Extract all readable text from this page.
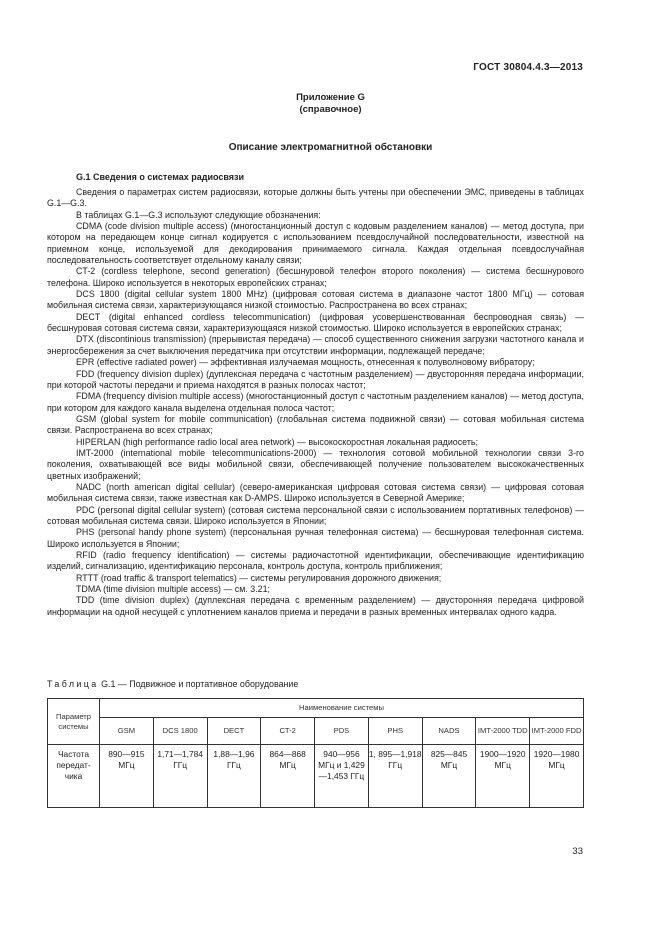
ГОСТ 30804.4.3—2013
Приложение G
(справочное)
Описание электромагнитной обстановки
G.1 Сведения о системах радиосвязи

Сведения о параметрах систем радиосвязи, которые должны быть учтены при обеспечении ЭМС, приведены в таблицах G.1—G.3.

В таблицах G.1—G.3 используют следующие обозначения:

CDMA (code division multiple access) (многостанционный доступ с кодовым разделением каналов) — метод доступа, при котором на передающем конце сигнал кодируется с использованием псевдослучайной последовательности, известной на приемном конце, используемой для декодирования принимаемого сигнала. Каждая отдельная псевдослучайная последовательность соответствует отдельному каналу связи;

CT-2 (cordless telephone, second generation) (бесшнуровой телефон второго поколения) — система бесшнурового телефона. Широко используется в некоторых европейских странах;

DCS 1800 (digital cellular system 1800 MHz) (цифровая сотовая система в диапазоне частот 1800 МГц) — сотовая мобильная система связи, характеризующаяся низкой стоимостью. Распространена во всех странах;

DECT (digital enhanced cordless telecommunication) (цифровая усовершенствованная беспроводная связь) — бесшнуровая сотовая система связи, характеризующаяся низкой стоимостью. Широко используется в европейских странах;

DTX (discontinious transmission) (прерывистая передача) — способ существенного снижения загрузки частотного канала и энергосбережения за счет выключения передатчика при отсутствии информации, подлежащей передаче;

EPR (effective radiated power) — эффективная излучаемая мощность, отнесенная к полуволновому вибратору;

FDD (frequency division duplex) (дуплексная передача с частотным разделением) — двусторонняя передача информации, при которой частоты передачи и приема находятся в разных полосах частот;

FDMA (frequency division multiple access) (многостанционный доступ с частотным разделением каналов) — метод доступа, при котором для каждого канала выделена отдельная полоса частот;

GSM (global system for mobile communication) (глобальная система подвижной связи) — сотовая мобильная система связи. Распространена во всех странах;

HIPERLAN (high performance radio local area network) — высокоскоростная локальная радиосеть;

IMT-2000 (international mobile telecommunications-2000) — технология сотовой мобильной технологии связи 3-го поколения, охватывающей все виды мобильной связи, обеспечивающей получение пользователем высококачественных цветных изображений;

NADC (north american digital cellular) (северо-американская цифровая сотовая система связи) — цифровая сотовая мобильная система связи, также известная как D-AMPS. Широко используется в Северной Америке;

PDC (personal digital cellular system) (сотовая система персональной связи с использованием портативных телефонов) — сотовая мобильная система связи. Широко используется в Японии;

PHS (personal handy phone system) (персональная ручная телефонная система) — бесшнуровая телефонная система. Широко используется в Японии;

RFID (radio frequency identification) — системы радиочастотной идентификации, обеспечивающие идентификацию изделий, сигнализацию, идентификацию персонала, контроль доступа, контроль приближения;

RTTT (road traffic & transport telematics) — системы регулирования дорожного движения;

TDMA (time division multiple access) — см. 3.21;

TDD (time division duplex) (дуплексная передача с временным разделением) — двусторонняя передача цифровой информации на одной несущей с уплотнением каналов приема и передачи в разных временных интервалах одного кадра.

Таблица G.1 — Подвижное и портативное оборудование
Параметр системы	Наименование системы								
	GSM	DCS 1800	DECT	CT-2	PDS	PHS	NADS	IMT-2000 TDD	IMT-2000 FDD
Частота передат-чика	890—915 МГц	1,71—1,784 ГГц	1,88—1,96 ГГц	864—868 МГц	940—956 МГц и 1,429—1,453 ГГц	1, 895—1,918 ГГц	825—845 МГц	1900—1920 МГц	1920—1980 МГц
33
